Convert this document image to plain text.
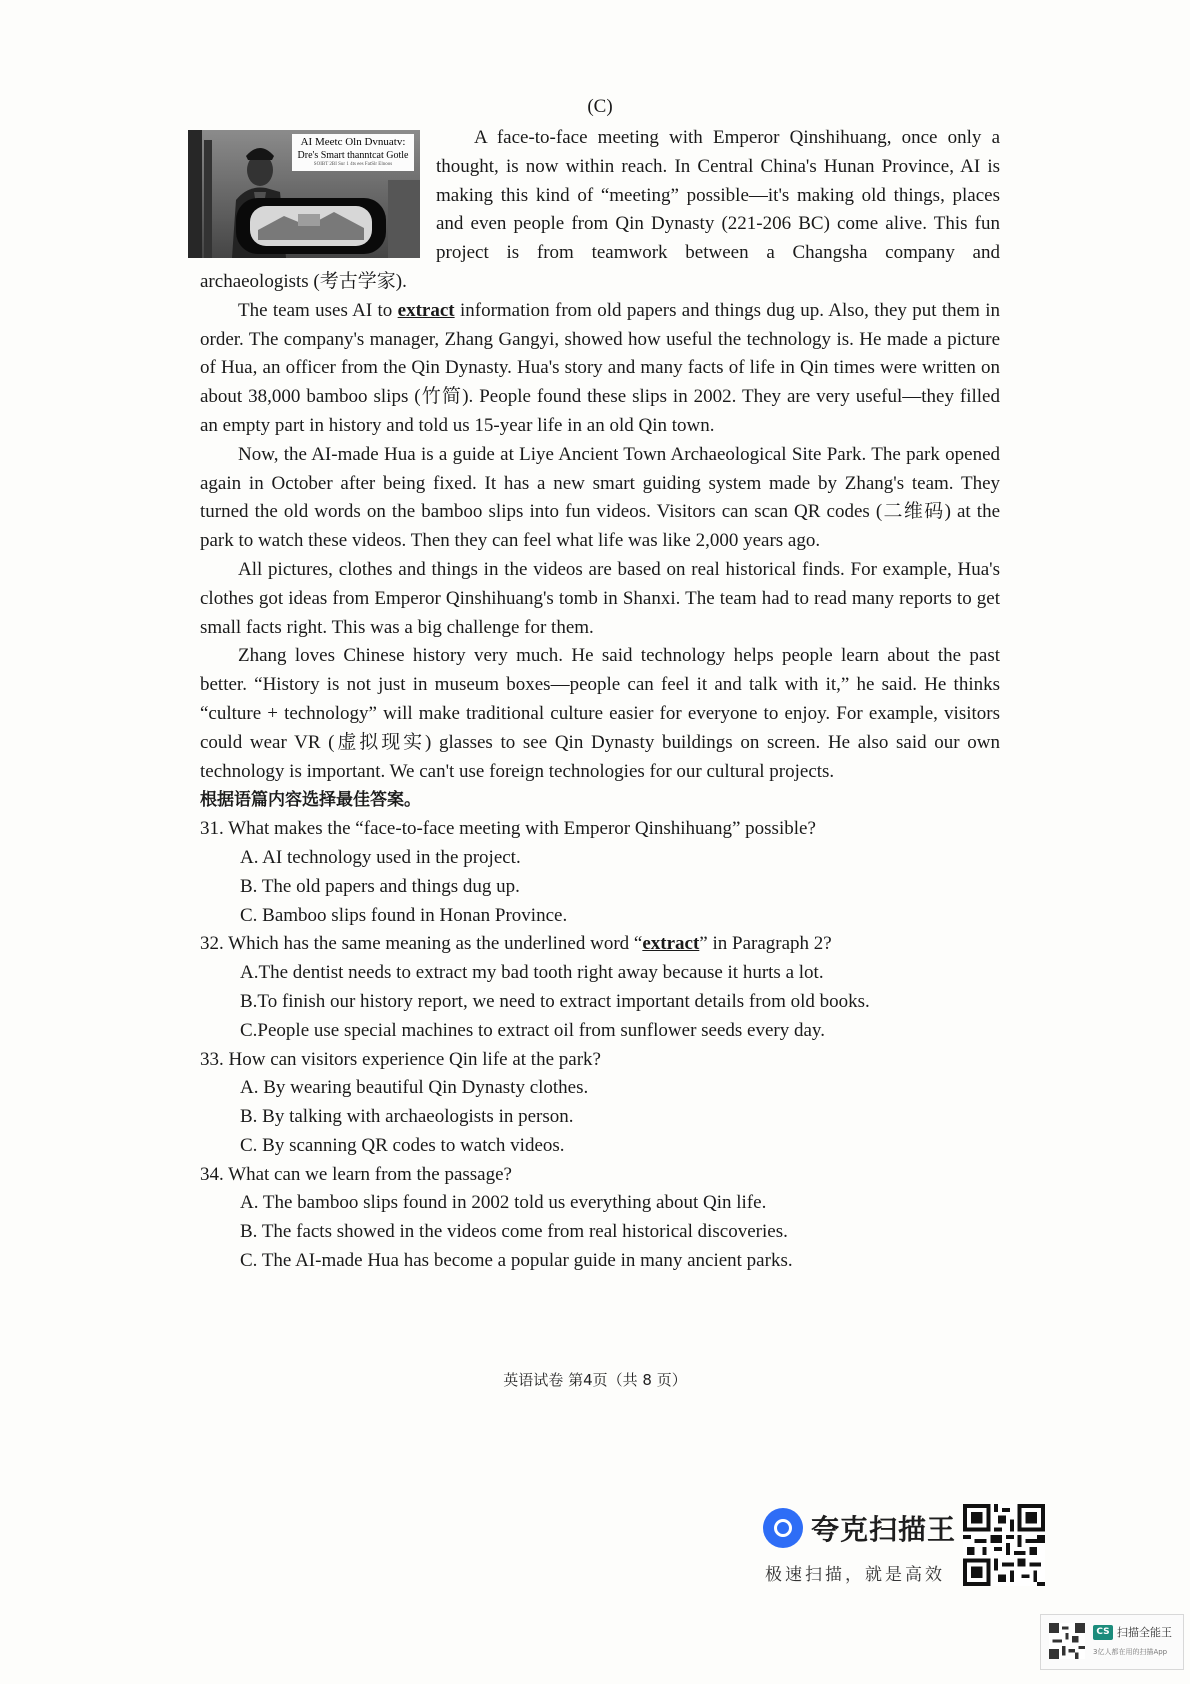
(C)
AI Meetc Oln Dvnuatv:
Dre's Smart thanntcat Gotle
SOIBT 2BI Sur 1 4ts ees FatSlr Elnoos

A face-to-face meeting with Emperor Qinshihuang, once only a thought, is now within reach. In Central China's Hunan Province, AI is making this kind of “meeting” possible—it's making old things, places and even people from Qin Dynasty (221-206 BC) come alive. This fun project is from teamwork between a Changsha company and archaeologists (考古学家).

The team uses AI to extract information from old papers and things dug up. Also, they put them in order. The company's manager, Zhang Gangyi, showed how useful the technology is. He made a picture of Hua, an officer from the Qin Dynasty. Hua's story and many facts of life in Qin times were written on about 38,000 bamboo slips (竹简). People found these slips in 2002. They are very useful—they filled an empty part in history and told us 15-year life in an old Qin town.

Now, the AI-made Hua is a guide at Liye Ancient Town Archaeological Site Park. The park opened again in October after being fixed. It has a new smart guiding system made by Zhang's team. They turned the old words on the bamboo slips into fun videos. Visitors can scan QR codes (二维码) at the park to watch these videos. Then they can feel what life was like 2,000 years ago.

All pictures, clothes and things in the videos are based on real historical finds. For example, Hua's clothes got ideas from Emperor Qinshihuang's tomb in Shanxi. The team had to read many reports to get small facts right. This was a big challenge for them.

Zhang loves Chinese history very much. He said technology helps people learn about the past better. “History is not just in museum boxes—people can feel it and talk with it,” he said. He thinks “culture + technology” will make traditional culture easier for everyone to enjoy. For example, visitors could wear VR (虚拟现实) glasses to see Qin Dynasty buildings on screen. He also said our own technology is important. We can't use foreign technologies for our cultural projects.

根据语篇内容选择最佳答案。

31. What makes the “face-to-face meeting with Emperor Qinshihuang” possible?

A. AI technology used in the project.

B. The old papers and things dug up.

C. Bamboo slips found in Honan Province.

32. Which has the same meaning as the underlined word “extract” in Paragraph 2?

A.The dentist needs to extract my bad tooth right away because it hurts a lot.

B.To finish our history report, we need to extract important details from old books.

C.People use special machines to extract oil from sunflower seeds every day.

33. How can visitors experience Qin life at the park?

A. By wearing beautiful Qin Dynasty clothes.

B. By talking with archaeologists in person.

C. By scanning QR codes to watch videos.

34. What can we learn from the passage?

A. The bamboo slips found in 2002 told us everything about Qin life.

B. The facts showed in the videos come from real historical discoveries.

C. The AI-made Hua has become a popular guide in many ancient parks.

英语试卷 第4页（共 8 页）
夸克扫描王
极速扫描，就是高效
CS 扫描全能王
3亿人都在用的扫描App
